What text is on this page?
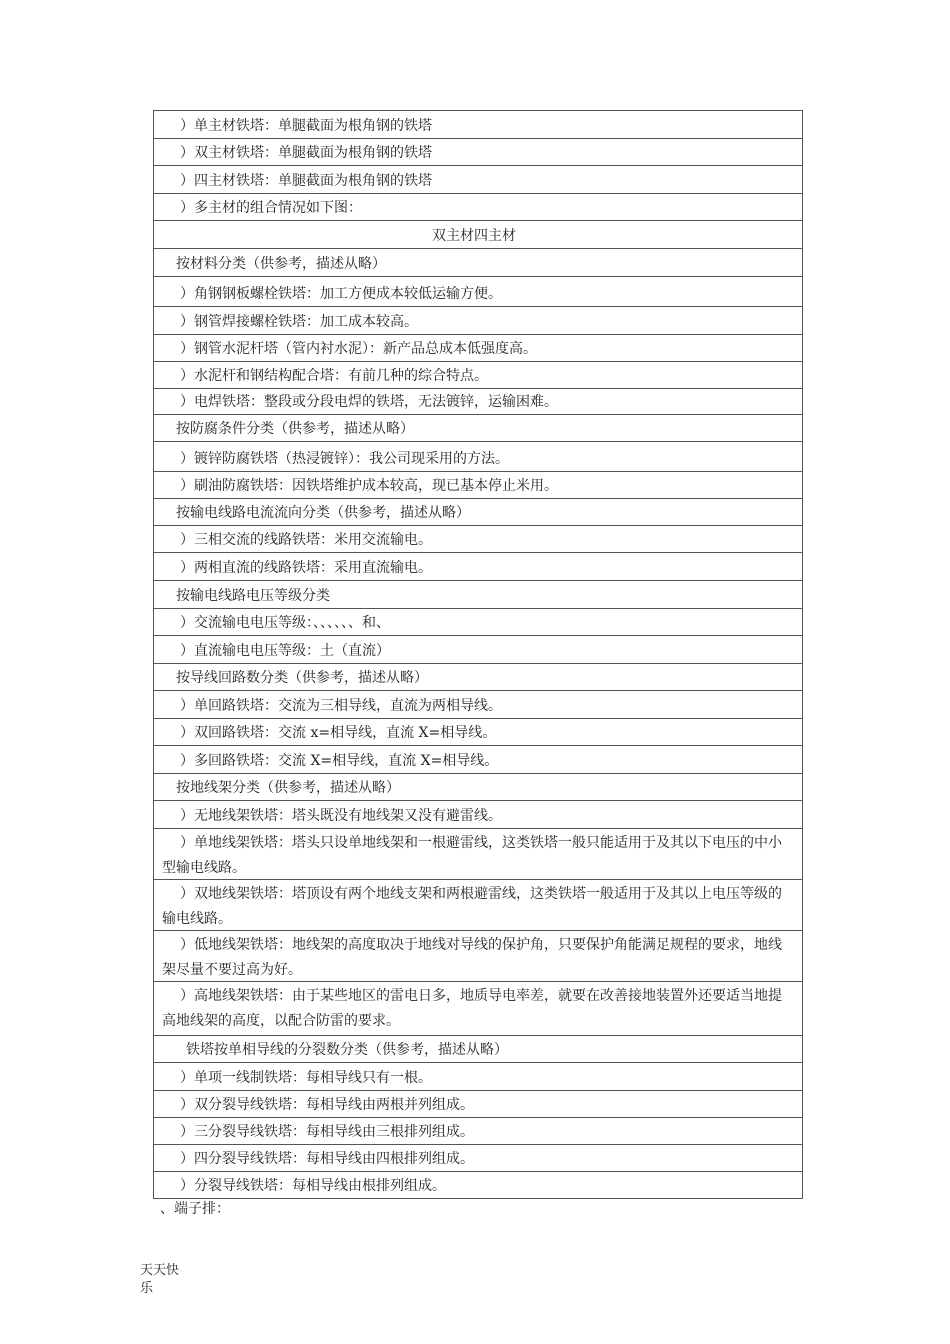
）单主材铁塔：单腿截面为根角钢的铁塔
）双主材铁塔：单腿截面为根角钢的铁塔
）四主材铁塔：单腿截面为根角钢的铁塔
）多主材的组合情况如下图：
双主材四主材
按材料分类（供参考，描述从略）
）角钢钢板螺栓铁塔：加工方便成本较低运输方便。
）钢管焊接螺栓铁塔：加工成本较高。
）钢管水泥杆塔（管内衬水泥）：新产品总成本低强度高。
）水泥杆和钢结构配合塔：有前几种的综合特点。
）电焊铁塔：整段或分段电焊的铁塔，无法镀锌，运输困难。
按防腐条件分类（供参考，描述从略）
）镀锌防腐铁塔（热浸镀锌）：我公司现采用的方法。
）刷油防腐铁塔：因铁塔维护成本较高，现已基本停止米用。
按输电线路电流流向分类（供参考，描述从略）
）三相交流的线路铁塔：米用交流输电。
）两相直流的线路铁塔：采用直流输电。
按输电线路电压等级分类
）交流输电电压等级：、、、、、、和、
）直流输电电压等级：土（直流）
按导线回路数分类（供参考，描述从略）
）单回路铁塔：交流为三相导线，直流为两相导线。
）双回路铁塔：交流 x=相导线，直流 X=相导线。
）多回路铁塔：交流 X=相导线，直流 X=相导线。
按地线架分类（供参考，描述从略）
）无地线架铁塔：塔头既没有地线架又没有避雷线。
）单地线架铁塔：塔头只设单地线架和一根避雷线，这类铁塔一般只能适用于及其以下电压的中小型输电线路。
）双地线架铁塔：塔顶设有两个地线支架和两根避雷线，这类铁塔一般适用于及其以上电压等级的输电线路。
）低地线架铁塔：地线架的高度取决于地线对导线的保护角，只要保护角能满足规程的要求，地线架尽量不要过高为好。
）高地线架铁塔：由于某些地区的雷电日多，地质导电率差，就要在改善接地装置外还要适当地提高地线架的高度，以配合防雷的要求。
铁塔按单相导线的分裂数分类（供参考，描述从略）
）单项一线制铁塔：每相导线只有一根。
）双分裂导线铁塔：每相导线由两根并列组成。
）三分裂导线铁塔：每相导线由三根排列组成。
）四分裂导线铁塔：每相导线由四根排列组成。
）分裂导线铁塔：每相导线由根排列组成。
、端子排：
天天快乐
